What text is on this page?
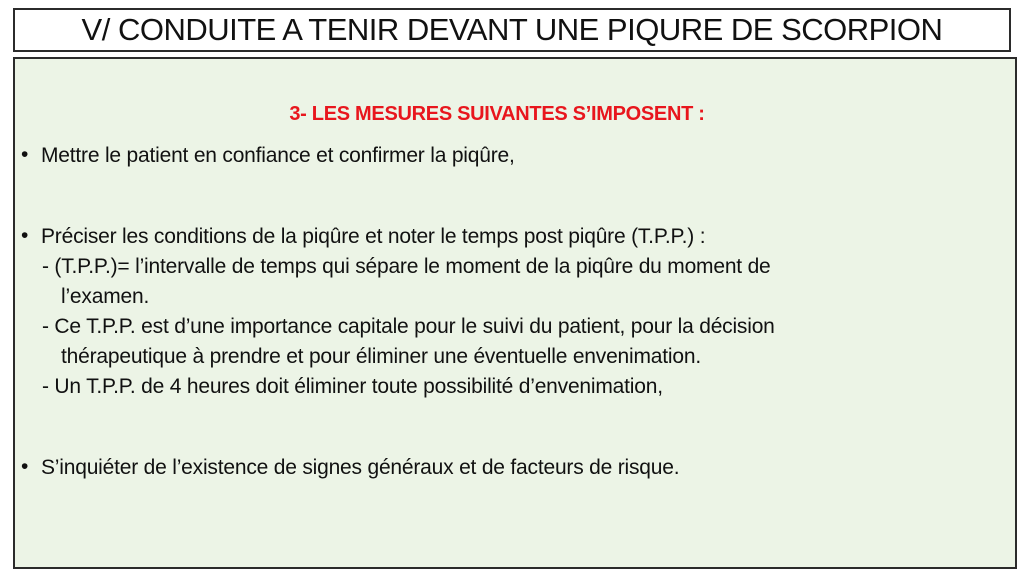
V/ CONDUITE A TENIR DEVANT UNE PIQURE DE SCORPION
3- LES MESURES SUIVANTES S’IMPOSENT :
• Mettre le patient en confiance et confirmer la piqûre,
• Préciser les conditions de la piqûre et noter le temps post piqûre (T.P.P.) :
- (T.P.P.)= l’intervalle de temps qui sépare le moment de la piqûre du moment de
l’examen.
- Ce T.P.P. est d’une importance capitale pour le suivi du patient, pour la décision
thérapeutique à prendre et pour éliminer une éventuelle envenimation.
- Un T.P.P. de 4 heures doit éliminer toute possibilité d’envenimation,
• S’inquiéter de l’existence de signes généraux et de facteurs de risque.
